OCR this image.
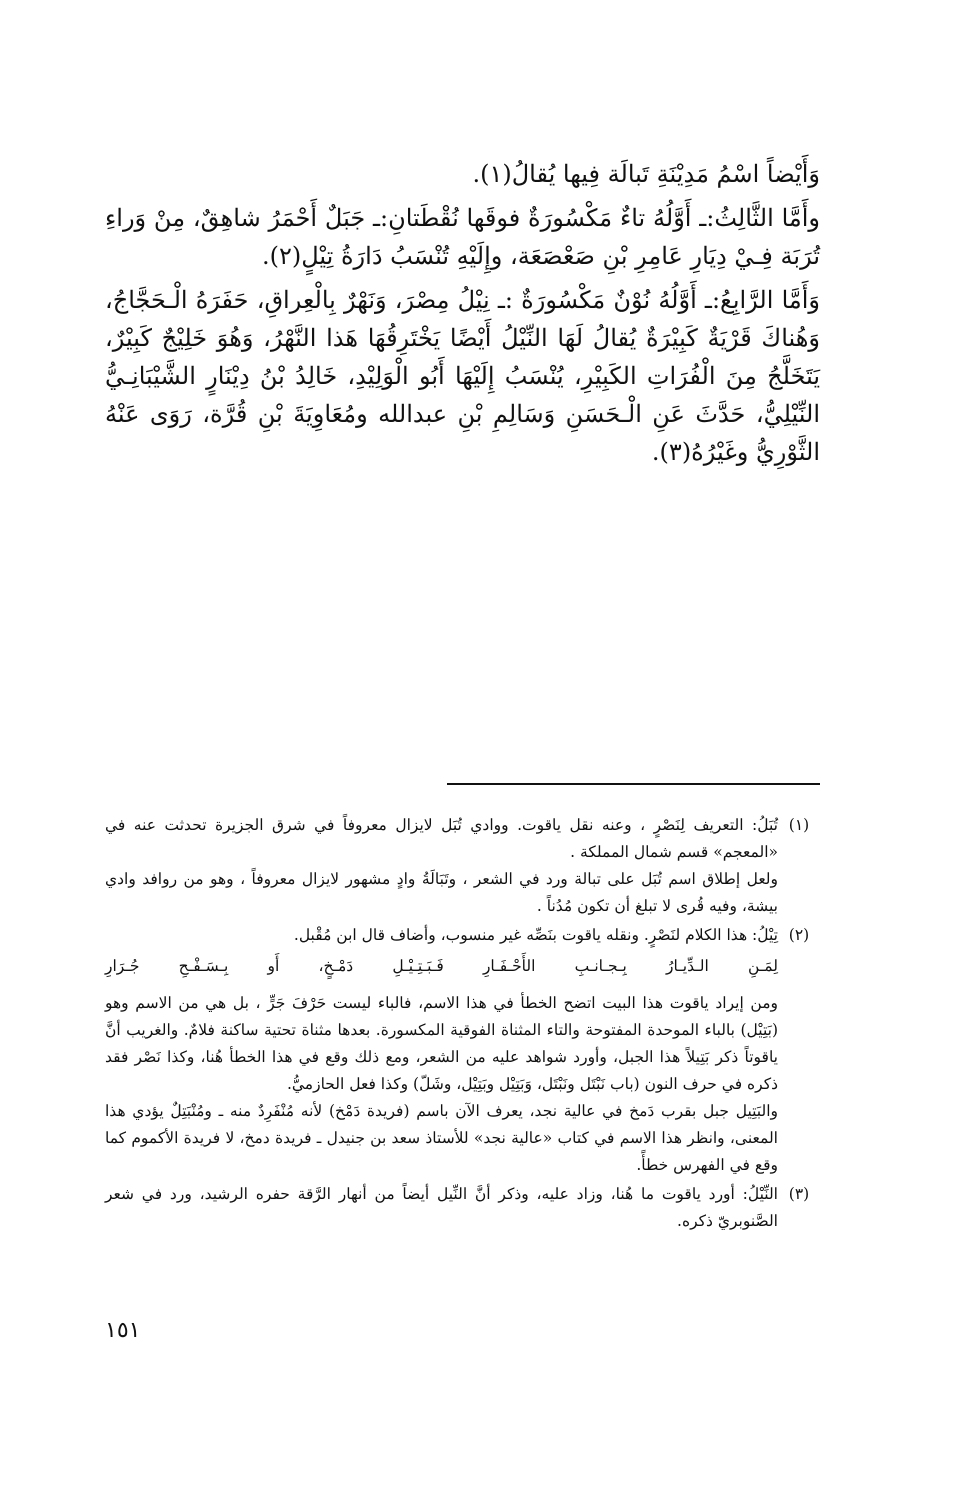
وَأَيْضاً اسْمُ مَدِيْنَةِ تَبالَة فِيها يُقالُ(١).

وأَمَّا الثَّالِثُ:ـ أَوَّلُهُ تاءٌ مَكْسُورَةٌ فوقَها نُقْطَتانِ:ـ جَبَلٌ أَحْمَرُ شاهِقٌ، مِنْ وَراءِ تُرَبَة فِـيْ دِيَارِ عَامِرِ بْنِ صَعْصَعَة، وإِلَيْهِ تُنْسَبُ دَارَةُ تِيْلٍ(٢).

وَأَمَّا الرَّابِعُ:ـ أَوَّلُهُ نُوْنٌ مَكْسُورَةٌ :ـ نِيْلُ مِصْرَ، وَنَهْرٌ بِالْعِراقِ، حَفَرَهُ الْـحَجَّاجُ، وَهُناكَ قَرْيَةٌ كَبِيْرَةٌ يُقالُ لَهَا النِّيْلُ أَيْضًا يَخْتَرِقُهَا هَذا النَّهْرُ، وَهُوَ خَلِيْجٌ كَبِيْرٌ، يَتَخَلَّجُ مِنَ الْفُرَاتِ الكَبِيْرِ، يُنْسَبُ إِلَيْهَا أَبُو الْوَلِيْدِ، خَالِدُ بْنُ دِيْنَارٍ الشَّيْبَانِـيُّ النِّيْلِيُّ، حَدَّثَ عَنِ الْـحَسَنِ وَسَالِمِ بْنِ عبدالله ومُعَاوِيَةَ بْنِ قُرَّة، رَوَى عَنْهُ الثَّوْرِيُّ وغَيْرُهُ(٣).

(١)

تُبَلُ: التعريف لِنَصْرٍ ، وعنه نقل ياقوت. ووادي تُبَل لايزال معروفاً في شرق الجزيرة تحدثت عنه في «المعجم» قسم شمال المملكة .

ولعل إطلاق اسم تُبَل على تبالة ورد في الشعر ، وتَبَالَةُ وادٍ مشهور لايزال معروفاً ، وهو من روافد وادي بيشة، وفيه قُرى لا تبلغ أن تكون مُدُناً .

(٢)

تِيْلُ: هذا الكلام لنَصْرٍ. ونقله ياقوت بنَصِّه غير منسوب، وأضاف قال ابن مُقْبل.

لِمَـنِ الـدِّيـارُ بِـجـانـبِ الأَحْـفَـارِ فَـبَـتِـيْـلِ دَمْـخٍ، أَو بِـسَـفْـحِ جُـرَارِ

ومن إيراد ياقوت هذا البيت اتضح الخطأ في هذا الاسم، فالباء ليست حَرْفَ جَرٍّ ، بل هي من الاسم وهو (بَتِيْل) بالباء الموحدة المفتوحة والتاء المثناة الفوقية المكسورة. بعدها مثناة تحتية ساكنة فلامٌ. والغريب أنَّ ياقوتاً ذكر بَتِيلاً هذا الجبل، وأورد شواهد عليه من الشعر، ومع ذلك وقع في هذا الخطأ هُنا، وكذا نَصْر فقد ذكره في حرف النون (باب نَبْتَل ونَبْتَل، وَبَتِيْل وبَتِيْل، وشَلّ) وكذا فعل الحازميُّ.

والبَتِيل جبل بقرب دَمخ في عالية نجد، يعرف الآن باسم (فريدة دَمْخ) لأنه مُنْفَرِدٌ منه ـ ومُنْبَتِلٌ يؤدي هذا المعنى، وانظر هذا الاسم في كتاب «عالية نجد» للأستاذ سعد بن جنيدل ـ فريدة دمخ، لا فريدة الأكموم كما وقع في الفهرس خطأً.

(٣)

النِّيْلُ: أورد ياقوت ما هُنا، وزاد عليه، وذكر أنَّ النِّيل أيضاً من أنهار الرَّقة حفره الرشيد، ورد في شعر الصَّنوبريّ ذكره.

١٥١
